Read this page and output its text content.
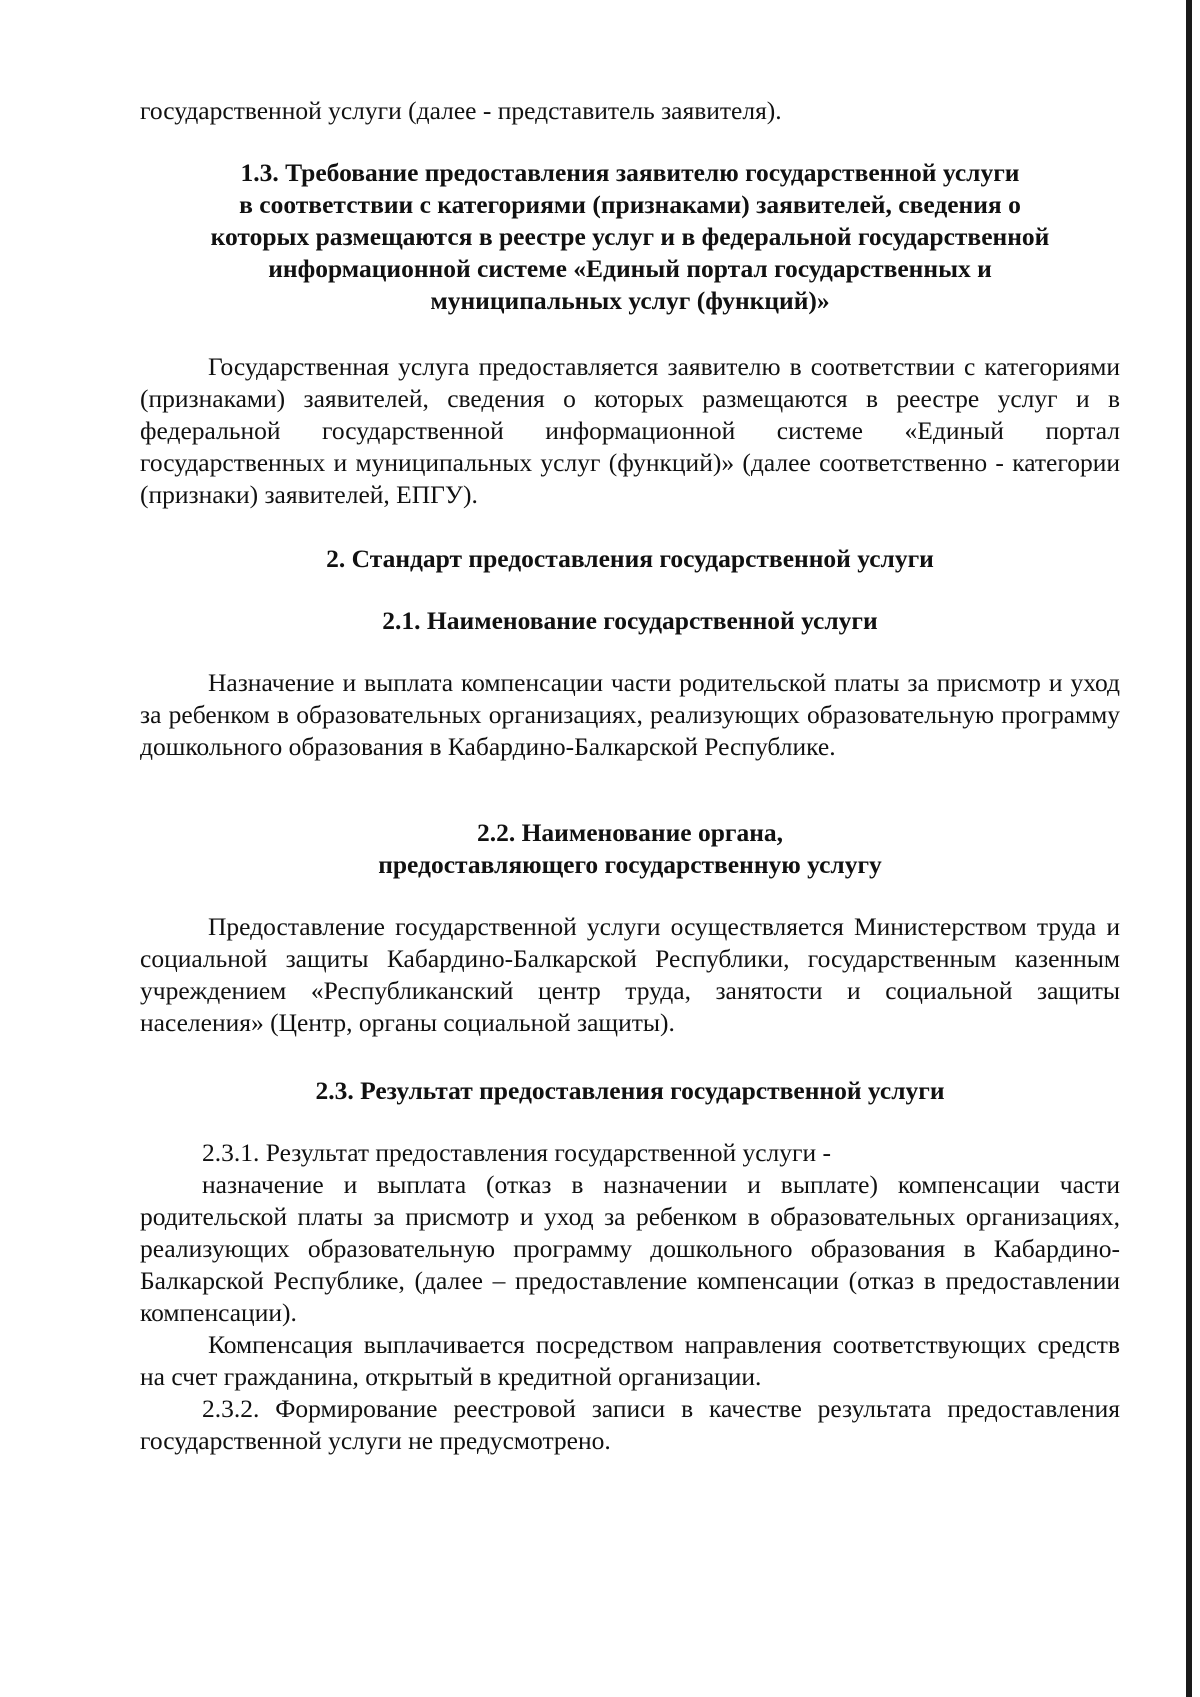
государственной услуги (далее - представитель заявителя).

1.3. Требование предоставления заявителю государственной услуги
в соответствии с категориями (признаками) заявителей, сведения о
которых размещаются в реестре услуг и в федеральной государственной
информационной системе «Единый портал государственных и
муниципальных услуг (функций)»

Государственная услуга предоставляется заявителю в соответствии с категориями (признаками) заявителей, сведения о которых размещаются в реестре услуг и в федеральной государственной информационной системе «Единый портал государственных и муниципальных услуг (функций)» (далее соответственно - категории (признаки) заявителей, ЕПГУ).

2. Стандарт предоставления государственной услуги
2.1. Наименование государственной услуги

Назначение и выплата компенсации части родительской платы за присмотр и уход за ребенком в образовательных организациях, реализующих образовательную программу дошкольного образования в Кабардино-Балкарской Республике.

2.2. Наименование органа,
предоставляющего государственную услугу

Предоставление государственной услуги осуществляется Министерством труда и социальной защиты Кабардино-Балкарской Республики, государственным казенным учреждением «Республиканский центр труда, занятости и социальной защиты населения» (Центр, органы социальной защиты).

2.3. Результат предоставления государственной услуги

2.3.1. Результат предоставления государственной услуги -

назначение и выплата (отказ в назначении и выплате) компенсации части родительской платы за присмотр и уход за ребенком в образовательных организациях, реализующих образовательную программу дошкольного образования в Кабардино-Балкарской Республике, (далее – предоставление компенсации (отказ в предоставлении компенсации).

Компенсация выплачивается посредством направления соответствующих средств на счет гражданина, открытый в кредитной организации.

2.3.2. Формирование реестровой записи в качестве результата предоставления государственной услуги не предусмотрено.
